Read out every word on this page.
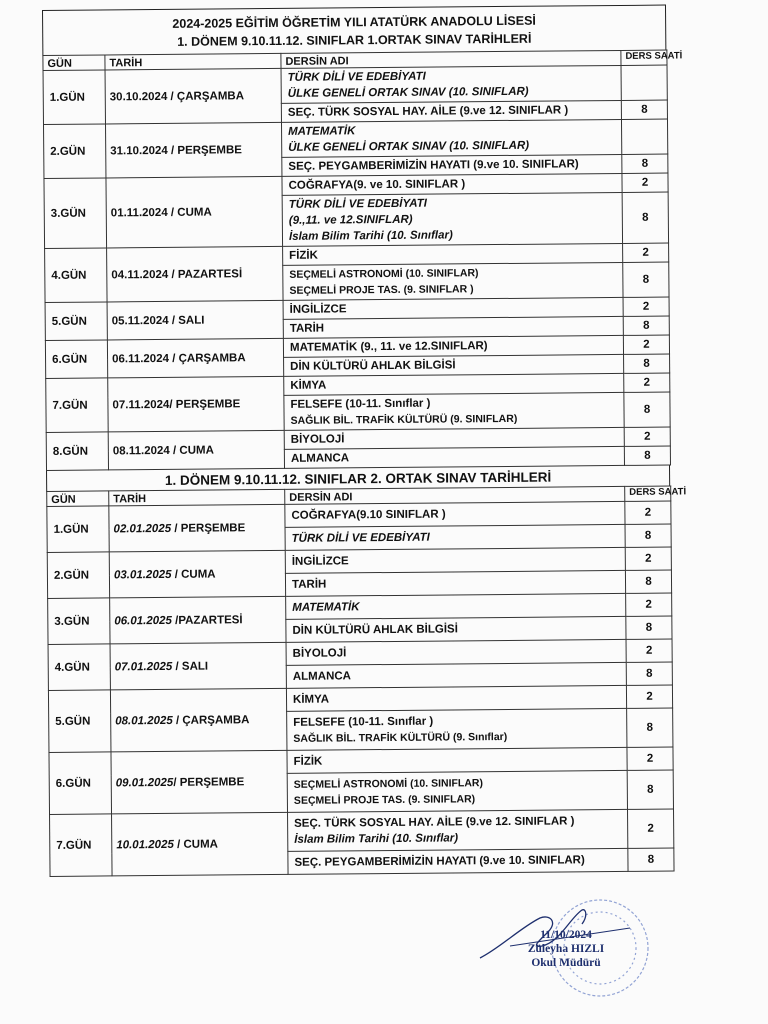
2024-2025 EĞİTİM ÖĞRETİM YILI ATATÜRK ANADOLU LİSESİ
1. DÖNEM 9.10.11.12. SINIFLAR 1.ORTAK SINAV TARİHLERİ
GÜN	TARİH	DERSİN ADI	DERS SAATİ
1.GÜN	30.10.2024 / ÇARŞAMBA	TÜRK DİLİ VE EDEBİYATI
ÜLKE GENELİ ORTAK SINAV (10. SINIFLAR)	

		SEÇ. TÜRK SOSYAL HAY. AİLE (9.ve 12. SINIFLAR )	8
2.GÜN	31.10.2024 / PERŞEMBE	MATEMATİK
ÜLKE GENELİ ORTAK SINAV (10. SINIFLAR)	

		SEÇ. PEYGAMBERİMİZİN HAYATI (9.ve 10. SINIFLAR)	8
3.GÜN	01.11.2024 / CUMA	COĞRAFYA(9. ve 10. SINIFLAR )	2

		TÜRK DİLİ VE EDEBİYATI
(9.,11. ve 12.SINIFLAR)
İslam Bilim Tarihi (10. Sınıflar)	8
4.GÜN	04.11.2024 / PAZARTESİ	FİZİK	2

		SEÇMELİ ASTRONOMİ (10. SINIFLAR)
SEÇMELİ PROJE TAS. (9. SINIFLAR )	8
5.GÜN	05.11.2024 / SALI	İNGİLİZCE	2

		TARİH	8
6.GÜN	06.11.2024 / ÇARŞAMBA	MATEMATİK (9., 11. ve 12.SINIFLAR)	2

		DİN KÜLTÜRÜ AHLAK BİLGİSİ	8
7.GÜN	07.11.2024/ PERŞEMBE	KİMYA	2

		FELSEFE (10-11. Sınıflar )
SAĞLIK BİL. TRAFİK KÜLTÜRÜ (9. SINIFLAR)	8
8.GÜN	08.11.2024 / CUMA	BİYOLOJİ	2

		ALMANCA	8
1. DÖNEM 9.10.11.12. SINIFLAR 2. ORTAK SINAV TARİHLERİ
GÜN	TARİH	DERSİN ADI	DERS SAATİ
1.GÜN	02.01.2025 / PERŞEMBE	COĞRAFYA(9.10 SINIFLAR )	2

		TÜRK DİLİ VE EDEBİYATI	8
2.GÜN	03.01.2025 / CUMA	İNGİLİZCE	2

		TARİH	8
3.GÜN	06.01.2025 /PAZARTESİ	MATEMATİK	2

		DİN KÜLTÜRÜ AHLAK BİLGİSİ	8
4.GÜN	07.01.2025 / SALI	BİYOLOJİ	2

		ALMANCA	8
5.GÜN	08.01.2025 / ÇARŞAMBA	KİMYA	2

		FELSEFE (10-11. Sınıflar )
SAĞLIK BİL. TRAFİK KÜLTÜRÜ (9. Sınıflar)	8
6.GÜN	09.01.2025/ PERŞEMBE	FİZİK	2

		SEÇMELİ ASTRONOMİ (10. SINIFLAR)
SEÇMELİ PROJE TAS. (9. SINIFLAR)	8
7.GÜN	10.01.2025 / CUMA	SEÇ. TÜRK SOSYAL HAY. AİLE (9.ve 12. SINIFLAR )
İslam Bilim Tarihi (10. Sınıflar)	2

		SEÇ. PEYGAMBERİMİZİN HAYATI (9.ve 10. SINIFLAR)	8
11/10/2024
Züleyha HIZLI
Okul Müdürü
